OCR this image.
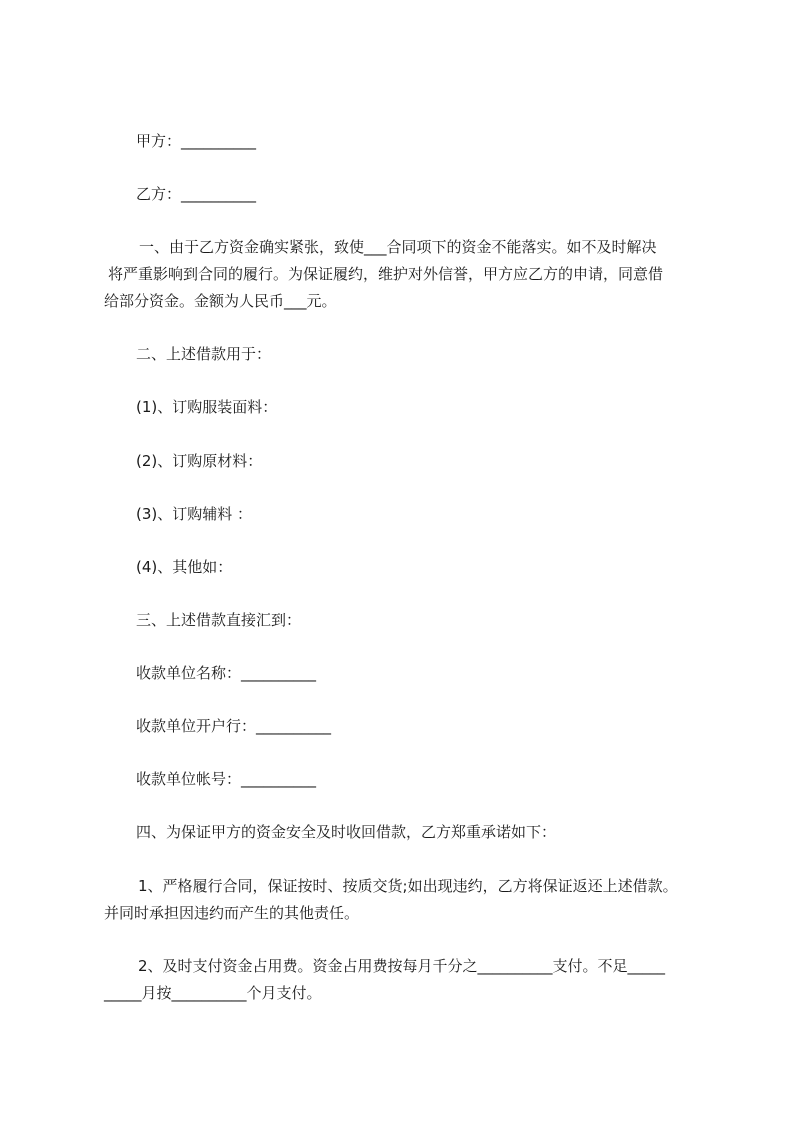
甲方：__________
乙方：__________
一、由于乙方资金确实紧张，致使___合同项下的资金不能落实。如不及时解决
将严重影响到合同的履行。为保证履约，维护对外信誉，甲方应乙方的申请，同意借
给部分资金。金额为人民币___元。
二、上述借款用于：
(1)、订购服装面料：
(2)、订购原材料：
(3)、订购辅料 ：
(4)、其他如：
三、上述借款直接汇到：
收款单位名称：__________
收款单位开户行：__________
收款单位帐号：__________
四、为保证甲方的资金安全及时收回借款，乙方郑重承诺如下：
1、严格履行合同，保证按时、按质交货;如出现违约，乙方将保证返还上述借款。
并同时承担因违约而产生的其他责任。
2、及时支付资金占用费。资金占用费按每月千分之__________支付。不足_____
_____月按__________个月支付。
